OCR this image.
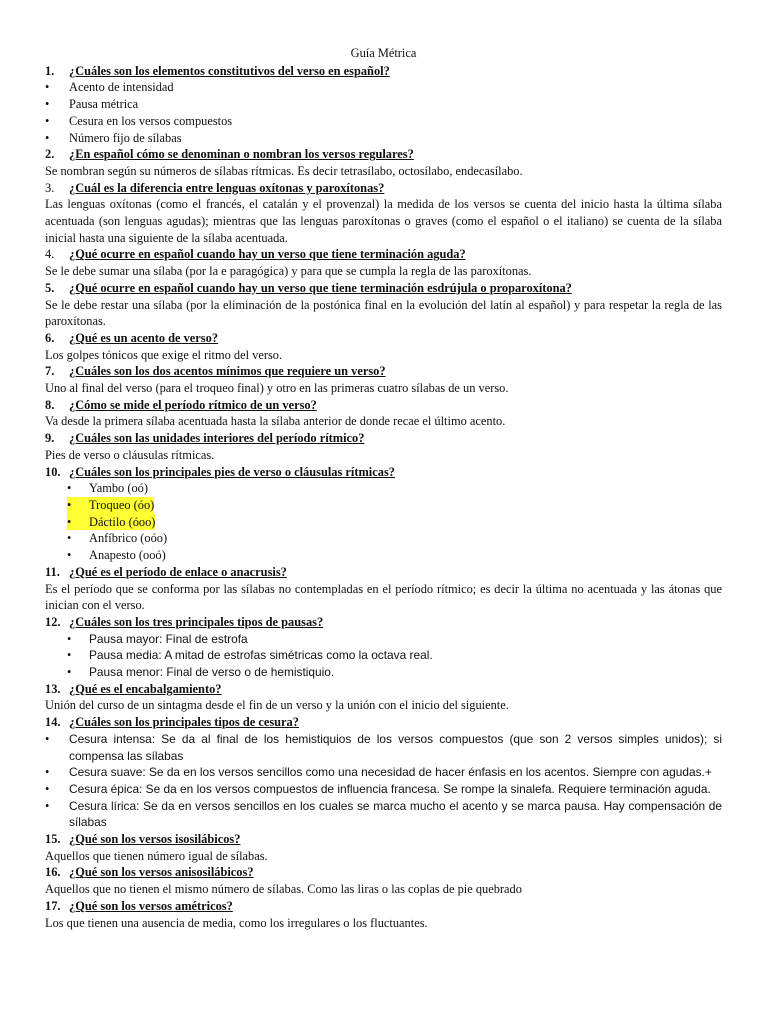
Guía Métrica
1.	¿Cuáles son los elementos constitutivos del verso en español?
•	Acento de intensidad
•	Pausa métrica
•	Cesura en los versos compuestos
•	Número fijo de sílabas
2.	¿En español cómo se denominan o nombran los versos regulares?
Se nombran según su números de sílabas rítmicas. Es decir tetrasílabo, octosílabo, endecasílabo.
3.	¿Cuál es la diferencia entre lenguas oxítonas y paroxítonas?
Las lenguas oxítonas (como el francés, el catalán y el provenzal) la medida de los versos se cuenta del inicio hasta la última sílaba acentuada (son lenguas agudas); mientras que las lenguas paroxítonas o graves (como el español o el italiano) se cuenta de la sílaba inicial hasta una siguiente de la sílaba acentuada.
4.	¿Qué ocurre en español cuando hay un verso que tiene terminación aguda?
Se le debe sumar una sílaba (por la e paragógica) y para que se cumpla la regla de las paroxítonas.
5.	¿Qué ocurre en español cuando hay un verso que tiene terminación esdrújula o proparoxítona?
Se le debe restar una sílaba (por la eliminación de la postónica final en la evolución del latín al español) y para respetar la regla de las paroxítonas.
6.	¿Qué es un acento de verso?
Los golpes tónicos que exige el ritmo del verso.
7.	¿Cuáles son los dos acentos mínimos que requiere un verso?
Uno al final del verso (para el troqueo final) y otro en las primeras cuatro sílabas de un verso.
8.	¿Cómo se mide el período rítmico de un verso?
Va desde la primera sílaba acentuada hasta la sílaba anterior de donde recae el último acento.
9.	¿Cuáles son las unidades interiores del período rítmico?
Pies de verso o cláusulas rítmicas.
10. ¿Cuáles son los principales pies de verso o cláusulas rítmicas?
•	Yambo (oó)
•	Troqueo (óo)
•	Dáctilo (óoo)
•	Anfíbrico (oóo)
•	Anapesto (ooó)
11. ¿Qué es el período de enlace o anacrusis?
Es el período que se conforma por las sílabas no contempladas en el período rítmico; es decir la última no acentuada y las átonas que inician con el verso.
12. ¿Cuáles son los tres principales tipos de pausas?
•	Pausa mayor: Final de estrofa
•	Pausa media: A mitad de estrofas simétricas como la octava real.
•	Pausa menor: Final de verso o de hemistiquio.
13. ¿Qué es el encabalgamiento?
Unión del curso de un sintagma desde el fin de un verso y la unión con el inicio del siguiente.
14. ¿Cuáles son los principales tipos de cesura?
•	Cesura intensa: Se da al final de los hemistiquios de los versos compuestos (que son 2 versos simples unidos); si compensa las sílabas
•	Cesura suave: Se da en los versos sencillos como una necesidad de hacer énfasis en los acentos. Siempre con agudas.+
•	Cesura épica: Se da en los versos compuestos de influencia francesa. Se rompe la sinalefa. Requiere terminación aguda.
•	Cesura lírica: Se da en versos sencillos en los cuales se marca mucho el acento y se marca pausa. Hay compensación de sílabas
15. ¿Qué son los versos isosilábicos?
Aquellos que tienen número igual de sílabas.
16. ¿Qué son los versos anisosilábicos?
Aquellos que no tienen el mismo número de sílabas. Como las liras o las coplas de pie quebrado
17. ¿Qué son los versos amétricos?
Los que tienen una ausencia de media, como los irregulares o los fluctuantes.
